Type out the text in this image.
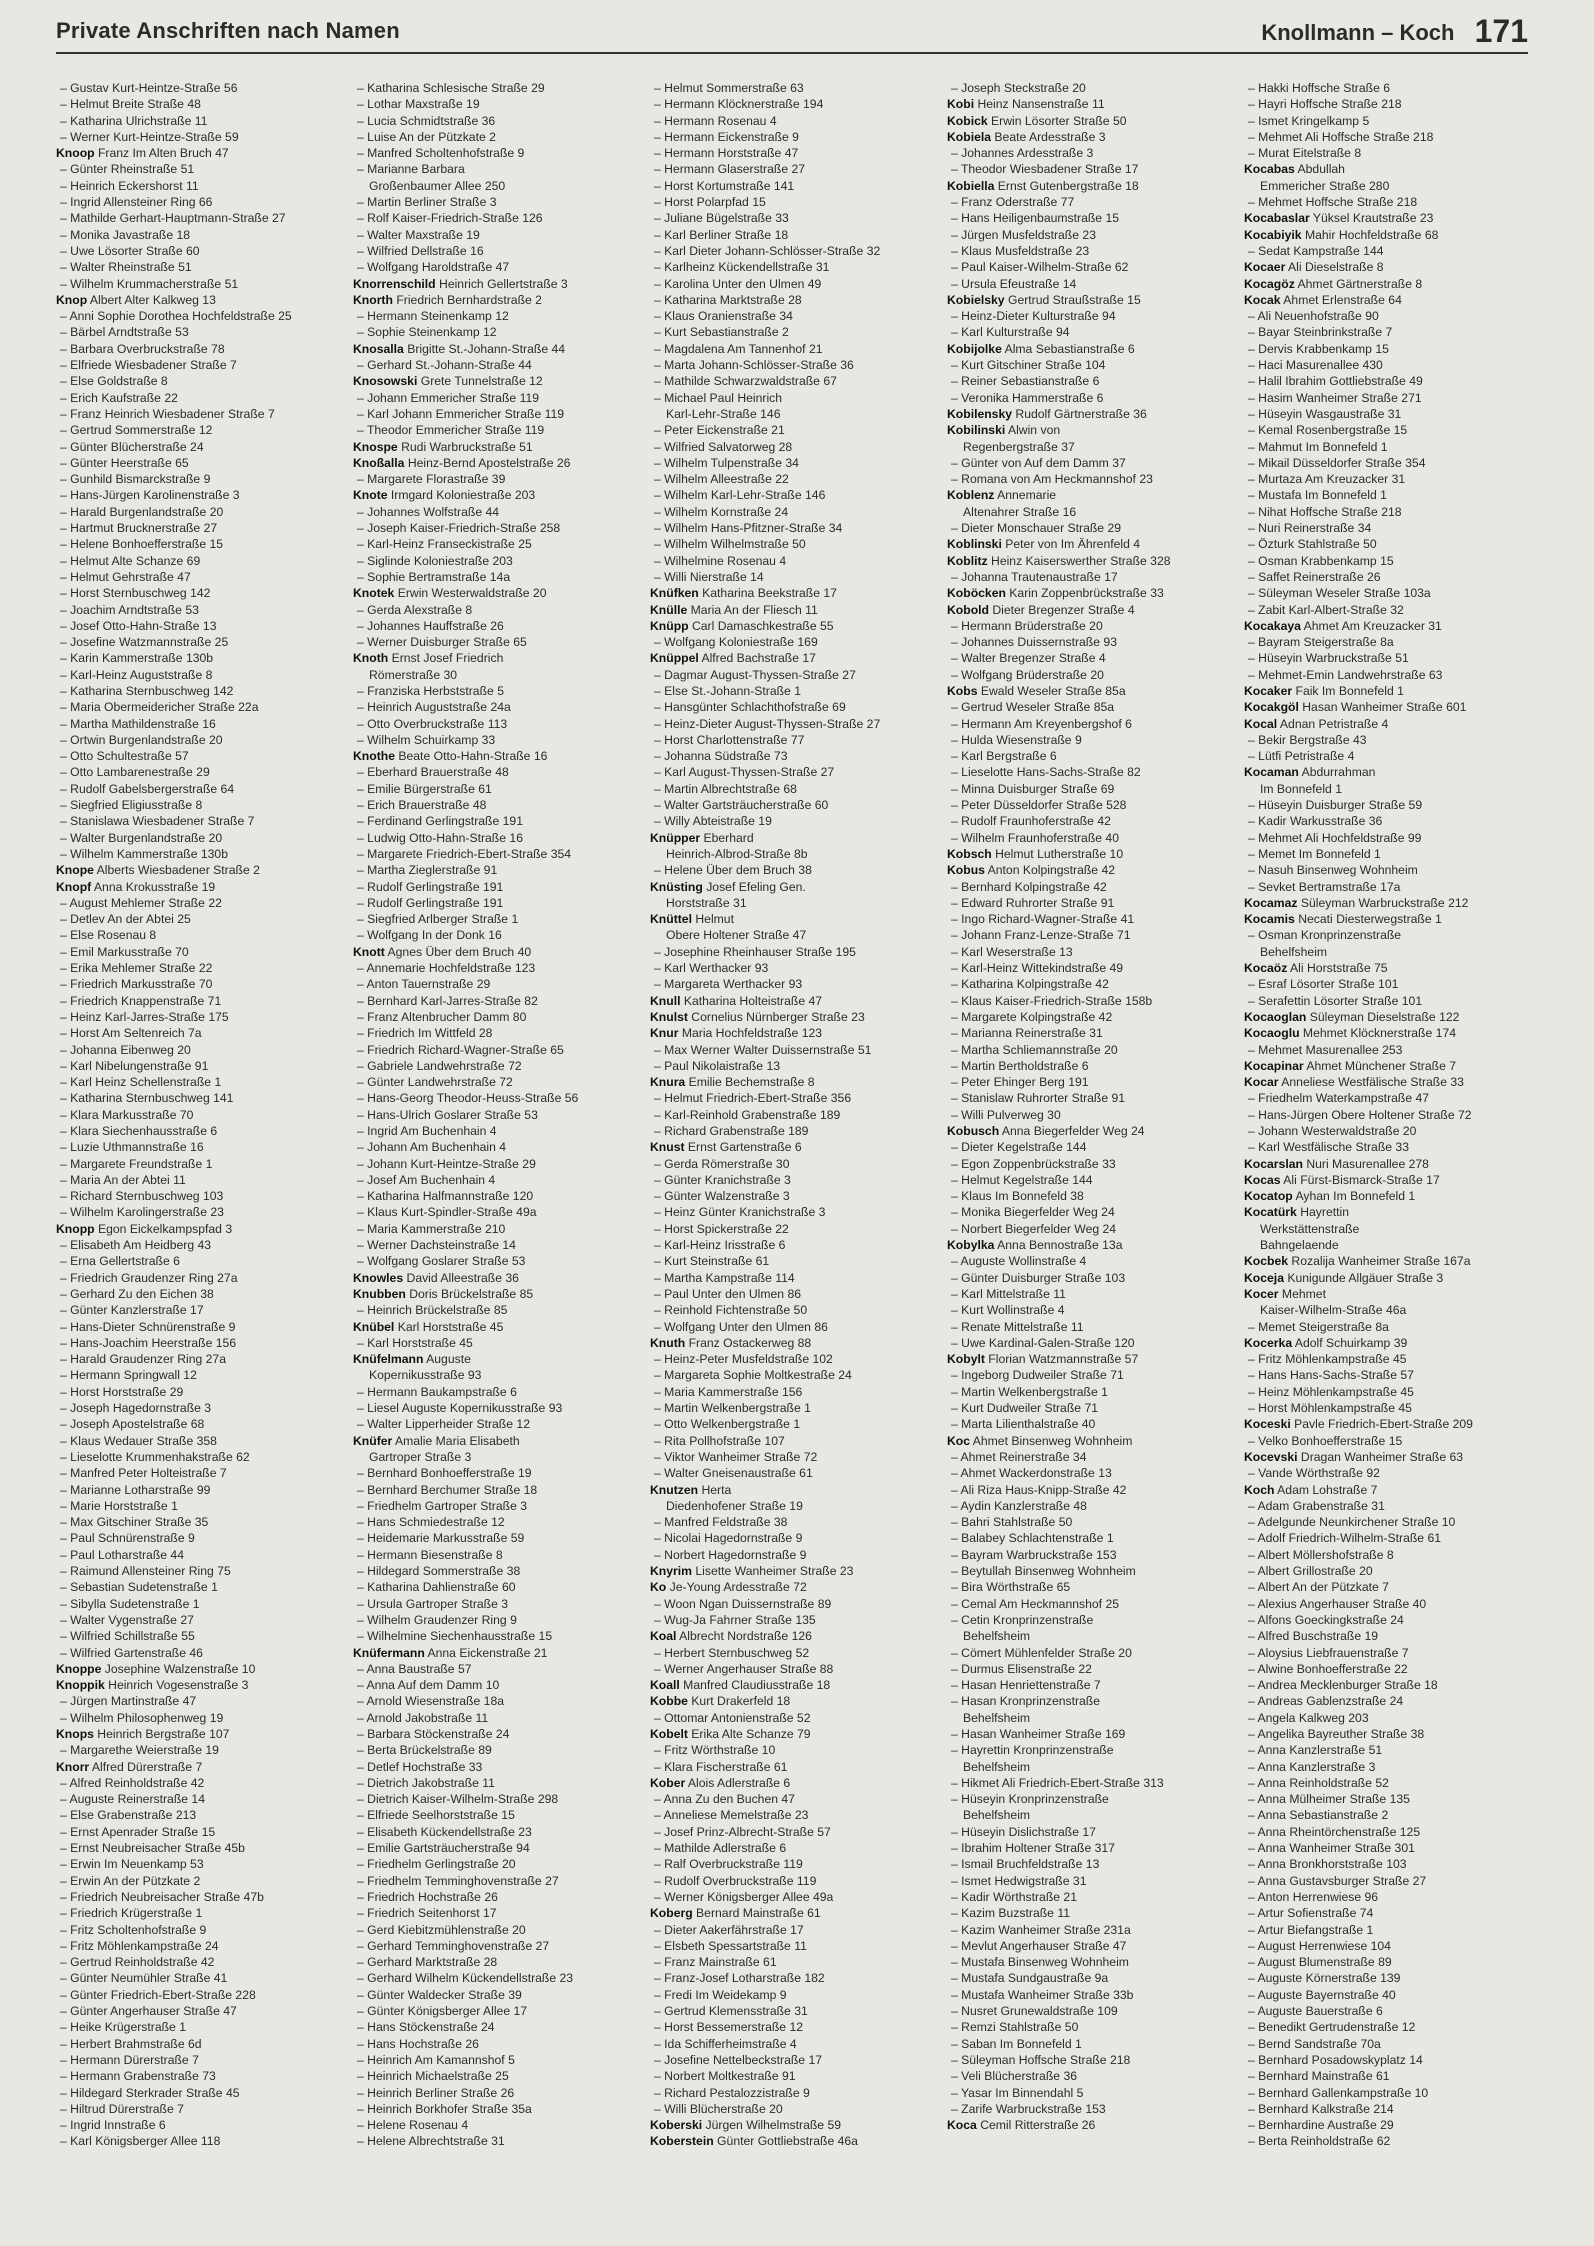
Private Anschriften nach Namen	Knollmann – Koch 171
– Gustav Kurt-Heintze-Straße 56
– Helmut Breite Straße 48
– Katharina Ulrichstraße 11
– Werner Kurt-Heintze-Straße 59
Knoop Franz Im Alten Bruch 47
– Günter Rheinstraße 51
– Heinrich Eckershorst 11
– Ingrid Allensteiner Ring 66
– Mathilde Gerhart-Hauptmann-Straße 27
– Monika Javastraße 18
– Uwe Lösorter Straße 60
– Walter Rheinstraße 51
– Wilhelm Krummacherstraße 51
Knop Albert Alter Kalkweg 13
– Anni Sophie Dorothea Hochfeldstraße 25
– Bärbel Arndtstraße 53
– Barbara Overbruckstraße 78
– Elfriede Wiesbadener Straße 7
– Else Goldstraße 8
– Erich Kaufstraße 22
– Franz Heinrich Wiesbadener Straße 7
– Gertrud Sommerstraße 12
– Günter Blücherstraße 24
– Günter Heerstraße 65
– Gunhild Bismarckstraße 9
– Hans-Jürgen Karolinenstraße 3
– Harald Burgenlandstraße 20
– Hartmut Brucknerstraße 27
– Helene Bonhoefferstraße 15
– Helmut Alte Schanze 69
– Helmut Gehrstraße 47
– Horst Sternbuschweg 142
– Joachim Arndtstraße 53
– Josef Otto-Hahn-Straße 13
– Josefine Watzmannstraße 25
– Karin Kammerstraße 130b
– Karl-Heinz Auguststraße 8
– Katharina Sternbuschweg 142
– Maria Obermeidericher Straße 22a
– Martha Mathildenstraße 16
– Ortwin Burgenlandstraße 20
– Otto Schultestraße 57
– Otto Lambarenestraße 29
– Rudolf Gabelsbergerstraße 64
– Siegfried Eligiusstraße 8
– Stanislawa Wiesbadener Straße 7
– Walter Burgenlandstraße 20
– Wilhelm Kammerstraße 130b
Knope Alberts Wiesbadener Straße 2
Knopf Anna Krokusstraße 19
– August Mehlemer Straße 22
– Detlev An der Abtei 25
– Else Rosenau 8
– Emil Markusstraße 70
– Erika Mehlemer Straße 22
– Friedrich Markusstraße 70
– Friedrich Knappenstraße 71
– Heinz Karl-Jarres-Straße 175
– Horst Am Seltenreich 7a
– Johanna Eibenweg 20
– Karl Nibelungenstraße 91
– Karl Heinz Schellenstraße 1
– Katharina Sternbuschweg 141
– Klara Markusstraße 70
– Klara Siechenhausstraße 6
– Luzie Uthmannstraße 16
– Margarete Freundstraße 1
– Maria An der Abtei 11
– Richard Sternbuschweg 103
– Wilhelm Karolingerstraße 23
Knopp Egon Eickelkampspfad 3
– Elisabeth Am Heidberg 43
– Erna Gellertstraße 6
– Friedrich Graudenzer Ring 27a
– Gerhard Zu den Eichen 38
– Günter Kanzlerstraße 17
– Hans-Dieter Schnürenstraße 9
– Hans-Joachim Heerstraße 156
– Harald Graudenzer Ring 27a
– Hermann Springwall 12
– Horst Horststraße 29
– Joseph Hagedornstraße 3
– Joseph Apostelstraße 68
– Klaus Wedauer Straße 358
– Lieselotte Krummenhakstraße 62
– Manfred Peter Holteistraße 7
– Marianne Lotharstraße 99
– Marie Horststraße 1
– Max Gitschiner Straße 35
– Paul Schnürenstraße 9
– Paul Lotharstraße 44
– Raimund Allensteiner Ring 75
– Sebastian Sudetenstraße 1
– Sibylla Sudetenstraße 1
– Walter Vygenstraße 27
– Wilfried Schillstraße 55
– Wilfried Gartenstraße 46
Knoppe Josephine Walzenstraße 10
Knoppik Heinrich Vogesenstraße 3
– Jürgen Martinstraße 47
– Wilhelm Philosophenweg 19
Knops Heinrich Bergstraße 107
– Margarethe Weierstraße 19
Knorr Alfred Dürerstraße 7
– Alfred Reinholdstraße 42
– Auguste Reinerstraße 14
– Else Grabenstraße 213
– Ernst Apenrader Straße 15
– Ernst Neubreisacher Straße 45b
– Erwin Im Neuenkamp 53
– Erwin An der Pützkate 2
– Friedrich Neubreisacher Straße 47b
– Friedrich Krügerstraße 1
– Fritz Scholtenhofstraße 9
– Fritz Möhlenkampstraße 24
– Gertrud Reinholdstraße 42
– Günter Neumühler Straße 41
– Günter Friedrich-Ebert-Straße 228
– Günter Angerhauser Straße 47
– Heike Krügerstraße 1
– Herbert Brahmstraße 6d
– Hermann Dürerstraße 7
– Hermann Grabenstraße 73
– Hildegard Sterkrader Straße 45
– Hiltrud Dürerstraße 7
– Ingrid Innstraße 6
– Karl Königsberger Allee 118
– Katharina Schlesische Straße 29
– Lothar Maxstraße 19
– Lucia Schmidtstraße 36
– Luise An der Pützkate 2
– Manfred Scholtenhofstraße 9
– Marianne Barbara
Großenbaumer Allee 250
– Martin Berliner Straße 3
– Rolf Kaiser-Friedrich-Straße 126
– Walter Maxstraße 19
– Wilfried Dellstraße 16
– Wolfgang Haroldstraße 47
Knorrenschild Heinrich Gellertstraße 3
Knorth Friedrich Bernhardstraße 2
– Hermann Steinenkamp 12
– Sophie Steinenkamp 12
Knosalla Brigitte St.-Johann-Straße 44
– Gerhard St.-Johann-Straße 44
Knosowski Grete Tunnelstraße 12
– Johann Emmericher Straße 119
– Karl Johann Emmericher Straße 119
– Theodor Emmericher Straße 119
Knospe Rudi Warbruckstraße 51
Knoßalla Heinz-Bernd Apostelstraße 26
– Margarete Florastraße 39
Knote Irmgard Koloniestraße 203
– Johannes Wolfstraße 44
– Joseph Kaiser-Friedrich-Straße 258
– Karl-Heinz Franseckistraße 25
– Siglinde Koloniestraße 203
– Sophie Bertramstraße 14a
Knotek Erwin Westerwaldstraße 20
– Gerda Alexstraße 8
– Johannes Hauffstraße 26
– Werner Duisburger Straße 65
Knoth Ernst Josef Friedrich
Römerstraße 30
– Franziska Herbststraße 5
– Heinrich Auguststraße 24a
– Otto Overbruckstraße 113
– Wilhelm Schuirkamp 33
Knothe Beate Otto-Hahn-Straße 16
– Eberhard Brauerstraße 48
– Emilie Bürgerstraße 61
– Erich Brauerstraße 48
– Ferdinand Gerlingstraße 191
– Ludwig Otto-Hahn-Straße 16
– Margarete Friedrich-Ebert-Straße 354
– Martha Zieglerstraße 91
– Rudolf Gerlingstraße 191
– Rudolf Gerlingstraße 191
– Siegfried Arlberger Straße 1
– Wolfgang In der Donk 16
Knott Agnes Über dem Bruch 40
– Annemarie Hochfeldstraße 123
– Anton Tauernstraße 29
– Bernhard Karl-Jarres-Straße 82
– Franz Altenbrucher Damm 80
– Friedrich Im Wittfeld 28
– Friedrich Richard-Wagner-Straße 65
– Gabriele Landwehrstraße 72
– Günter Landwehrstraße 72
– Hans-Georg Theodor-Heuss-Straße 56
– Hans-Ulrich Goslarer Straße 53
– Ingrid Am Buchenhain 4
– Johann Am Buchenhain 4
– Johann Kurt-Heintze-Straße 29
– Josef Am Buchenhain 4
– Katharina Halfmannstraße 120
– Klaus Kurt-Spindler-Straße 49a
– Maria Kammerstraße 210
– Werner Dachsteinstraße 14
– Wolfgang Goslarer Straße 53
Knowles David Alleestraße 36
Knubben Doris Brückelstraße 85
– Heinrich Brückelstraße 85
Knübel Karl Horststraße 45
– Karl Horststraße 45
Knüfelmann Auguste
Kopernikusstraße 93
– Hermann Baukampstraße 6
– Liesel Auguste Kopernikusstraße 93
– Walter Lipperheider Straße 12
Knüfer Amalie Maria Elisabeth
Gartroper Straße 3
– Bernhard Bonhoefferstraße 19
– Bernhard Berchumer Straße 18
– Friedhelm Gartroper Straße 3
– Hans Schmiedestraße 12
– Heidemarie Markusstraße 59
– Hermann Biesenstraße 8
– Hildegard Sommerstraße 38
– Katharina Dahlienstraße 60
– Ursula Gartroper Straße 3
– Wilhelm Graudenzer Ring 9
– Wilhelmine Siechenhausstraße 15
Knüfermann Anna Eickenstraße 21
– Anna Baustraße 57
– Anna Auf dem Damm 10
– Arnold Wiesenstraße 18a
– Arnold Jakobstraße 11
– Barbara Stöckenstraße 24
– Berta Brückelstraße 89
– Detlef Hochstraße 33
– Dietrich Jakobstraße 11
– Dietrich Kaiser-Wilhelm-Straße 298
– Elfriede Seelhorststraße 15
– Elisabeth Kückendellstraße 23
– Emilie Gartsträucherstraße 94
– Friedhelm Gerlingstraße 20
– Friedhelm Temminghovenstraße 27
– Friedrich Hochstraße 26
– Friedrich Seitenhorst 17
– Gerd Kiebitzmühlenstraße 20
– Gerhard Temminghovenstraße 27
– Gerhard Marktstraße 28
– Gerhard Wilhelm Kückendellstraße 23
– Günter Waldecker Straße 39
– Günter Königsberger Allee 17
– Hans Stöckenstraße 24
– Hans Hochstraße 26
– Heinrich Am Kamannshof 5
– Heinrich Michaelstraße 25
– Heinrich Berliner Straße 26
– Heinrich Borkhofer Straße 35a
– Helene Rosenau 4
– Helene Albrechtstraße 31
– Helmut Sommerstraße 63
– Hermann Klöcknerstraße 194
– Hermann Rosenau 4
– Hermann Eickenstraße 9
– Hermann Horststraße 47
– Hermann Glaserstraße 27
– Horst Kortumstraße 141
– Horst Polarpfad 15
– Juliane Bügelstraße 33
– Karl Berliner Straße 18
– Karl Dieter Johann-Schlösser-Straße 32
– Karlheinz Kückendellstraße 31
– Karolina Unter den Ulmen 49
– Katharina Marktstraße 28
– Klaus Oranienstraße 34
– Kurt Sebastianstraße 2
– Magdalena Am Tannenhof 21
– Marta Johann-Schlösser-Straße 36
– Mathilde Schwarzwaldstraße 67
– Michael Paul Heinrich
Karl-Lehr-Straße 146
– Peter Eickenstraße 21
– Wilfried Salvatorweg 28
– Wilhelm Tulpenstraße 34
– Wilhelm Alleestraße 22
– Wilhelm Karl-Lehr-Straße 146
– Wilhelm Kornstraße 24
– Wilhelm Hans-Pfitzner-Straße 34
– Wilhelm Wilhelmstraße 50
– Wilhelmine Rosenau 4
– Willi Nierstraße 14
Knüfken Katharina Beekstraße 17
Knülle Maria An der Fliesch 11
Knüpp Carl Damaschkestraße 55
– Wolfgang Koloniestraße 169
Knüppel Alfred Bachstraße 17
– Dagmar August-Thyssen-Straße 27
– Else St.-Johann-Straße 1
– Hansgünter Schlachthofstraße 69
– Heinz-Dieter August-Thyssen-Straße 27
– Horst Charlottenstraße 77
– Johanna Südstraße 73
– Karl August-Thyssen-Straße 27
– Martin Albrechtstraße 68
– Walter Gartsträucherstraße 60
– Willy Abteistraße 19
Knüpper Eberhard
Heinrich-Albrod-Straße 8b
– Helene Über dem Bruch 38
Knüsting Josef Efeling Gen.
Horststraße 31
Knüttel Helmut
Obere Holtener Straße 47
– Josephine Rheinhauser Straße 195
– Karl Werthacker 93
– Margareta Werthacker 93
Knull Katharina Holteistraße 47
Knulst Cornelius Nürnberger Straße 23
Knur Maria Hochfeldstraße 123
– Max Werner Walter Duissernstraße 51
– Paul Nikolaistraße 13
Knura Emilie Bechemstraße 8
– Helmut Friedrich-Ebert-Straße 356
– Karl-Reinhold Grabenstraße 189
– Richard Grabenstraße 189
Knust Ernst Gartenstraße 6
– Gerda Römerstraße 30
– Günter Kranichstraße 3
– Günter Walzenstraße 3
– Heinz Günter Kranichstraße 3
– Horst Spickerstraße 22
– Karl-Heinz Irisstraße 6
– Kurt Steinstraße 61
– Martha Kampstraße 114
– Paul Unter den Ulmen 86
– Reinhold Fichtenstraße 50
– Wolfgang Unter den Ulmen 86
Knuth Franz Ostackerweg 88
– Heinz-Peter Musfeldstraße 102
– Margareta Sophie Moltkestraße 24
– Maria Kammerstraße 156
– Martin Welkenbergstraße 1
– Otto Welkenbergstraße 1
– Rita Pollhofstraße 107
– Viktor Wanheimer Straße 72
– Walter Gneisenaustraße 61
Knutzen Herta
Diedenhofener Straße 19
– Manfred Feldstraße 38
– Nicolai Hagedornstraße 9
– Norbert Hagedornstraße 9
Knyrim Lisette Wanheimer Straße 23
Ko Je-Young Ardesstraße 72
– Woon Ngan Duissernstraße 89
– Wug-Ja Fahrner Straße 135
Koal Albrecht Nordstraße 126
– Herbert Sternbuschweg 52
– Werner Angerhauser Straße 88
Koall Manfred Claudiusstraße 18
Kobbe Kurt Drakerfeld 18
– Ottomar Antonienstraße 52
Kobelt Erika Alte Schanze 79
– Fritz Wörthstraße 10
– Klara Fischerstraße 61
Kober Alois Adlerstraße 6
– Anna Zu den Buchen 47
– Anneliese Memelstraße 23
– Josef Prinz-Albrecht-Straße 57
– Mathilde Adlerstraße 6
– Ralf Overbruckstraße 119
– Rudolf Overbruckstraße 119
– Werner Königsberger Allee 49a
Koberg Bernard Mainstraße 61
– Dieter Aakerfährstraße 17
– Elsbeth Spessartstraße 11
– Franz Mainstraße 61
– Franz-Josef Lotharstraße 182
– Fredi Im Weidekamp 9
– Gertrud Klemensstraße 31
– Horst Bessemerstraße 12
– Ida Schifferheimstraße 4
– Josefine Nettelbeckstraße 17
– Norbert Moltkestraße 91
– Richard Pestalozzistraße 9
– Willi Blücherstraße 20
Koberski Jürgen Wilhelmstraße 59
Koberstein Günter Gottliebstraße 46a
– Joseph Steckstraße 20
Kobi Heinz Nansenstraße 11
Kobick Erwin Lösorter Straße 50
Kobiela Beate Ardesstraße 3
– Johannes Ardesstraße 3
– Theodor Wiesbadener Straße 17
Kobiella Ernst Gutenbergstraße 18
– Franz Oderstraße 77
– Hans Heiligenbaumstraße 15
– Jürgen Musfeldstraße 23
– Klaus Musfeldstraße 23
– Paul Kaiser-Wilhelm-Straße 62
– Ursula Efeustraße 14
Kobielsky Gertrud Straußstraße 15
– Heinz-Dieter Kulturstraße 94
– Karl Kulturstraße 94
Kobijolke Alma Sebastianstraße 6
– Kurt Gitschiner Straße 104
– Reiner Sebastianstraße 6
– Veronika Hammerstraße 6
Kobilensky Rudolf Gärtnerstraße 36
Kobilinski Alwin von
Regenbergstraße 37
– Günter von Auf dem Damm 37
– Romana von Am Heckmannshof 23
Koblenz Annemarie
Altenahrer Straße 16
– Dieter Monschauer Straße 29
Koblinski Peter von Im Ährenfeld 4
Koblitz Heinz Kaiserswerther Straße 328
– Johanna Trautenaustraße 17
Koböcken Karin Zoppenbrückstraße 33
Kobold Dieter Bregenzer Straße 4
– Hermann Brüderstraße 20
– Johannes Duissernstraße 93
– Walter Bregenzer Straße 4
– Wolfgang Brüderstraße 20
Kobs Ewald Weseler Straße 85a
– Gertrud Weseler Straße 85a
– Hermann Am Kreyenbergshof 6
– Hulda Wiesenstraße 9
– Karl Bergstraße 6
– Lieselotte Hans-Sachs-Straße 82
– Minna Duisburger Straße 69
– Peter Düsseldorfer Straße 528
– Rudolf Fraunhoferstraße 42
– Wilhelm Fraunhoferstraße 40
Kobsch Helmut Lutherstraße 10
Kobus Anton Kolpingstraße 42
– Bernhard Kolpingstraße 42
– Edward Ruhrorter Straße 91
– Ingo Richard-Wagner-Straße 41
– Johann Franz-Lenze-Straße 71
– Karl Weserstraße 13
– Karl-Heinz Wittekindstraße 49
– Katharina Kolpingstraße 42
– Klaus Kaiser-Friedrich-Straße 158b
– Margarete Kolpingstraße 42
– Marianna Reinerstraße 31
– Martha Schliemannstraße 20
– Martin Bertholdstraße 6
– Peter Ehinger Berg 191
– Stanislaw Ruhrorter Straße 91
– Willi Pulverweg 30
Kobusch Anna Biegerfelder Weg 24
– Dieter Kegelstraße 144
– Egon Zoppenbrückstraße 33
– Helmut Kegelstraße 144
– Klaus Im Bonnefeld 38
– Monika Biegerfelder Weg 24
– Norbert Biegerfelder Weg 24
Kobylka Anna Bennostraße 13a
– Auguste Wollinstraße 4
– Günter Duisburger Straße 103
– Karl Mittelstraße 11
– Kurt Wollinstraße 4
– Renate Mittelstraße 11
– Uwe Kardinal-Galen-Straße 120
Kobylt Florian Watzmannstraße 57
– Ingeborg Dudweiler Straße 71
– Martin Welkenbergstraße 1
– Kurt Dudweiler Straße 71
– Marta Lilienthalstraße 40
Koc Ahmet Binsenweg Wohnheim
– Ahmet Reinerstraße 34
– Ahmet Wackerdonstraße 13
– Ali Riza Haus-Knipp-Straße 42
– Aydin Kanzlerstraße 48
– Bahri Stahlstraße 50
– Balabey Schlachtenstraße 1
– Bayram Warbruckstraße 153
– Beytullah Binsenweg Wohnheim
– Bira Wörthstraße 65
– Cemal Am Heckmannshof 25
– Cetin Kronprinzenstraße
Behelfsheim
– Cömert Mühlenfelder Straße 20
– Durmus Elisenstraße 22
– Hasan Henriettenstraße 7
– Hasan Kronprinzenstraße
Behelfsheim
– Hasan Wanheimer Straße 169
– Hayrettin Kronprinzenstraße
Behelfsheim
– Hikmet Ali Friedrich-Ebert-Straße 313
– Hüseyin Kronprinzenstraße
Behelfsheim
– Hüseyin Dislichstraße 17
– Ibrahim Holtener Straße 317
– Ismail Bruchfeldstraße 13
– Ismet Hedwigstraße 31
– Kadir Wörthstraße 21
– Kazim Buzstraße 11
– Kazim Wanheimer Straße 231a
– Mevlut Angerhauser Straße 47
– Mustafa Binsenweg Wohnheim
– Mustafa Sundgaustraße 9a
– Mustafa Wanheimer Straße 33b
– Nusret Grunewaldstraße 109
– Remzi Stahlstraße 50
– Saban Im Bonnefeld 1
– Süleyman Hoffsche Straße 218
– Veli Blücherstraße 36
– Yasar Im Binnendahl 5
– Zarife Warbruckstraße 153
Koca Cemil Ritterstraße 26
– Hakki Hoffsche Straße 6
– Hayri Hoffsche Straße 218
– Ismet Kringelkamp 5
– Mehmet Ali Hoffsche Straße 218
– Murat Eitelstraße 8
Kocabas Abdullah
Emmericher Straße 280
– Mehmet Hoffsche Straße 218
Kocabaslar Yüksel Krautstraße 23
Kocabiyik Mahir Hochfeldstraße 68
– Sedat Kampstraße 144
Kocaer Ali Dieselstraße 8
Kocagöz Ahmet Gärtnerstraße 8
Kocak Ahmet Erlenstraße 64
– Ali Neuenhofstraße 90
– Bayar Steinbrinkstraße 7
– Dervis Krabbenkamp 15
– Haci Masurenallee 430
– Halil Ibrahim Gottliebstraße 49
– Hasim Wanheimer Straße 271
– Hüseyin Wasgaustraße 31
– Kemal Rosenbergstraße 15
– Mahmut Im Bonnefeld 1
– Mikail Düsseldorfer Straße 354
– Murtaza Am Kreuzacker 31
– Mustafa Im Bonnefeld 1
– Nihat Hoffsche Straße 218
– Nuri Reinerstraße 34
– Özturk Stahlstraße 50
– Osman Krabbenkamp 15
– Saffet Reinerstraße 26
– Süleyman Weseler Straße 103a
– Zabit Karl-Albert-Straße 32
Kocakaya Ahmet Am Kreuzacker 31
– Bayram Steigerstraße 8a
– Hüseyin Warbruckstraße 51
– Mehmet-Emin Landwehrstraße 63
Kocaker Faik Im Bonnefeld 1
Kocakgöl Hasan Wanheimer Straße 601
Kocal Adnan Petristraße 4
– Bekir Bergstraße 43
– Lütfi Petristraße 4
Kocaman Abdurrahman
Im Bonnefeld 1
– Hüseyin Duisburger Straße 59
– Kadir Warkusstraße 36
– Mehmet Ali Hochfeldstraße 99
– Memet Im Bonnefeld 1
– Nasuh Binsenweg Wohnheim
– Sevket Bertramstraße 17a
Kocamaz Süleyman Warbruckstraße 212
Kocamis Necati Diesterwegstraße 1
– Osman Kronprinzenstraße
Behelfsheim
Kocaöz Ali Horststraße 75
– Esraf Lösorter Straße 101
– Serafettin Lösorter Straße 101
Kocaoglan Süleyman Dieselstraße 122
Kocaoglu Mehmet Klöcknerstraße 174
– Mehmet Masurenallee 253
Kocapinar Ahmet Münchener Straße 7
Kocar Anneliese Westfälische Straße 33
– Friedhelm Waterkampstraße 47
– Hans-Jürgen Obere Holtener Straße 72
– Johann Westerwaldstraße 20
– Karl Westfälische Straße 33
Kocarslan Nuri Masurenallee 278
Kocas Ali Fürst-Bismarck-Straße 17
Kocatop Ayhan Im Bonnefeld 1
Kocatürk Hayrettin
Werkstättenstraße
Bahngelaende
Kocbek Rozalija Wanheimer Straße 167a
Koceja Kunigunde Allgäuer Straße 3
Kocer Mehmet
Kaiser-Wilhelm-Straße 46a
– Memet Steigerstraße 8a
Kocerka Adolf Schuirkamp 39
– Fritz Möhlenkampstraße 45
– Hans Hans-Sachs-Straße 57
– Heinz Möhlenkampstraße 45
– Horst Möhlenkampstraße 45
Koceski Pavle Friedrich-Ebert-Straße 209
– Velko Bonhoefferstraße 15
Kocevski Dragan Wanheimer Straße 63
– Vande Wörthstraße 92
Koch Adam Lohstraße 7
– Adam Grabenstraße 31
– Adelgunde Neunkirchener Straße 10
– Adolf Friedrich-Wilhelm-Straße 61
– Albert Möllershofstraße 8
– Albert Grillostraße 20
– Albert An der Pützkate 7
– Alexius Angerhauser Straße 40
– Alfons Goeckingkstraße 24
– Alfred Buschstraße 19
– Aloysius Liebfrauenstraße 7
– Alwine Bonhoefferstraße 22
– Andrea Mecklenburger Straße 18
– Andreas Gablenzstraße 24
– Angela Kalkweg 203
– Angelika Bayreuther Straße 38
– Anna Kanzlerstraße 51
– Anna Kanzlerstraße 3
– Anna Reinholdstraße 52
– Anna Mülheimer Straße 135
– Anna Sebastianstraße 2
– Anna Rheintörchenstraße 125
– Anna Wanheimer Straße 301
– Anna Bronkhorststraße 103
– Anna Gustavsburger Straße 27
– Anton Herrenwiese 96
– Artur Sofienstraße 74
– Artur Biefangstraße 1
– August Herrenwiese 104
– August Blumenstraße 89
– Auguste Körnerstraße 139
– Auguste Bayernstraße 40
– Auguste Bauerstraße 6
– Benedikt Gertrudenstraße 12
– Bernd Sandstraße 70a
– Bernhard Posadowskyplatz 14
– Bernhard Mainstraße 61
– Bernhard Gallenkampstraße 10
– Bernhard Kalkstraße 214
– Bernhardine Austraße 29
– Berta Reinholdstraße 62
